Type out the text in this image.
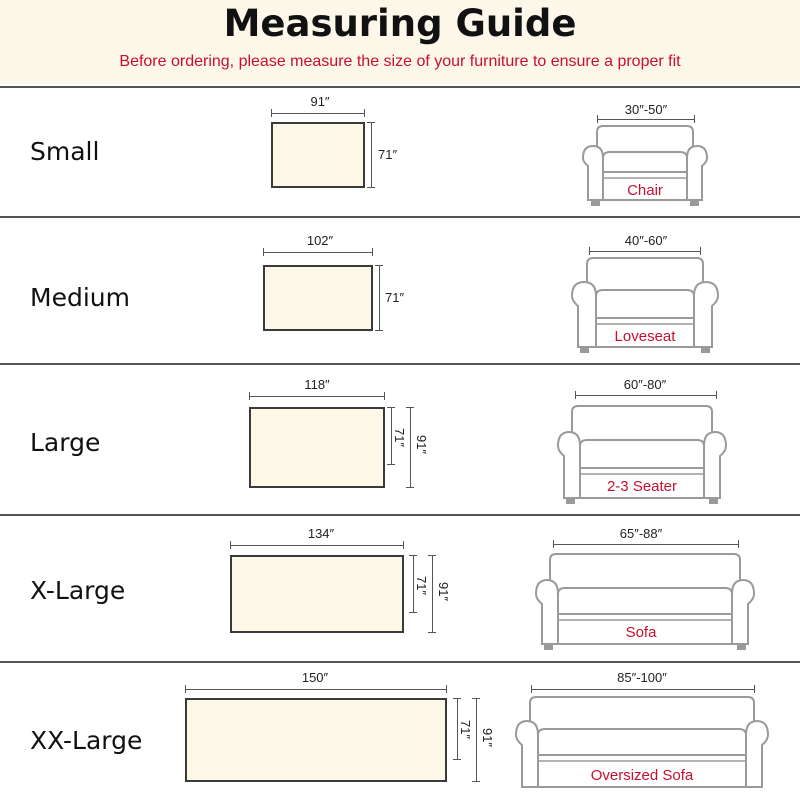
Measuring Guide
Before ordering, please measure the size of your furniture to ensure a proper fit
Small
91″
71″
30″-50″
Chair
Medium
102″
71″
40″-60″
Loveseat
Large
118″
71″ 91″
60″-80″
2-3 Seater
X-Large
134″
71″ 91″
65″-88″
Sofa
XX-Large
150″
71″ 91″
85″-100″
Oversized Sofa
